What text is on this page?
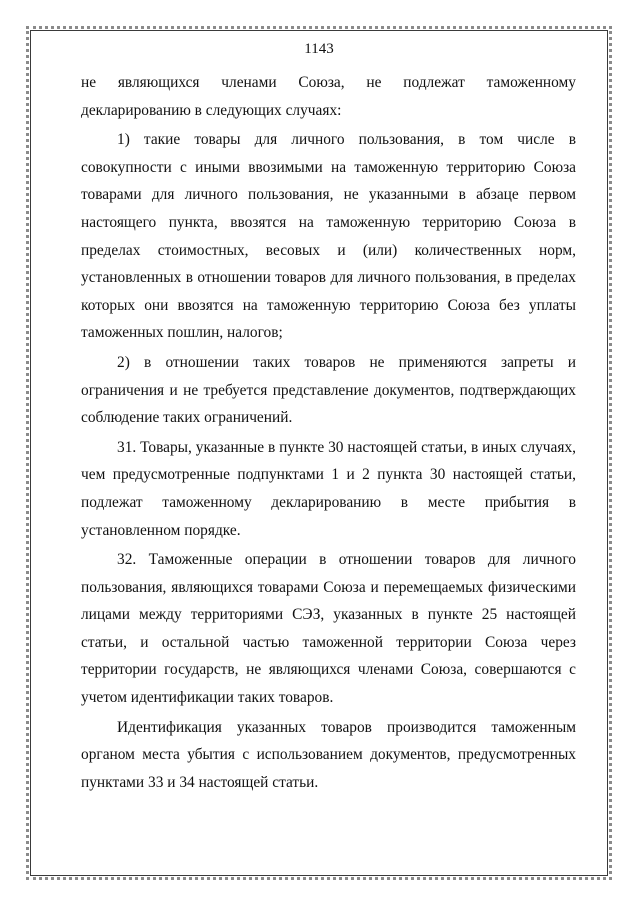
1143

не являющихся членами Союза, не подлежат таможенному декларированию в следующих случаях:

1) такие товары для личного пользования, в том числе в совокупности с иными ввозимыми на таможенную территорию Союза товарами для личного пользования, не указанными в абзаце первом настоящего пункта, ввозятся на таможенную территорию Союза в пределах стоимостных, весовых и (или) количественных норм, установленных в отношении товаров для личного пользования, в пределах которых они ввозятся на таможенную территорию Союза без уплаты таможенных пошлин, налогов;

2) в отношении таких товаров не применяются запреты и ограничения и не требуется представление документов, подтверждающих соблюдение таких ограничений.

31. Товары, указанные в пункте 30 настоящей статьи, в иных случаях, чем предусмотренные подпунктами 1 и 2 пункта 30 настоящей статьи, подлежат таможенному декларированию в месте прибытия в установленном порядке.

32. Таможенные операции в отношении товаров для личного пользования, являющихся товарами Союза и перемещаемых физическими лицами между территориями СЭЗ, указанных в пункте 25 настоящей статьи, и остальной частью таможенной территории Союза через территории государств, не являющихся членами Союза, совершаются с учетом идентификации таких товаров.

Идентификация указанных товаров производится таможенным органом места убытия с использованием документов, предусмотренных пунктами 33 и 34 настоящей статьи.
